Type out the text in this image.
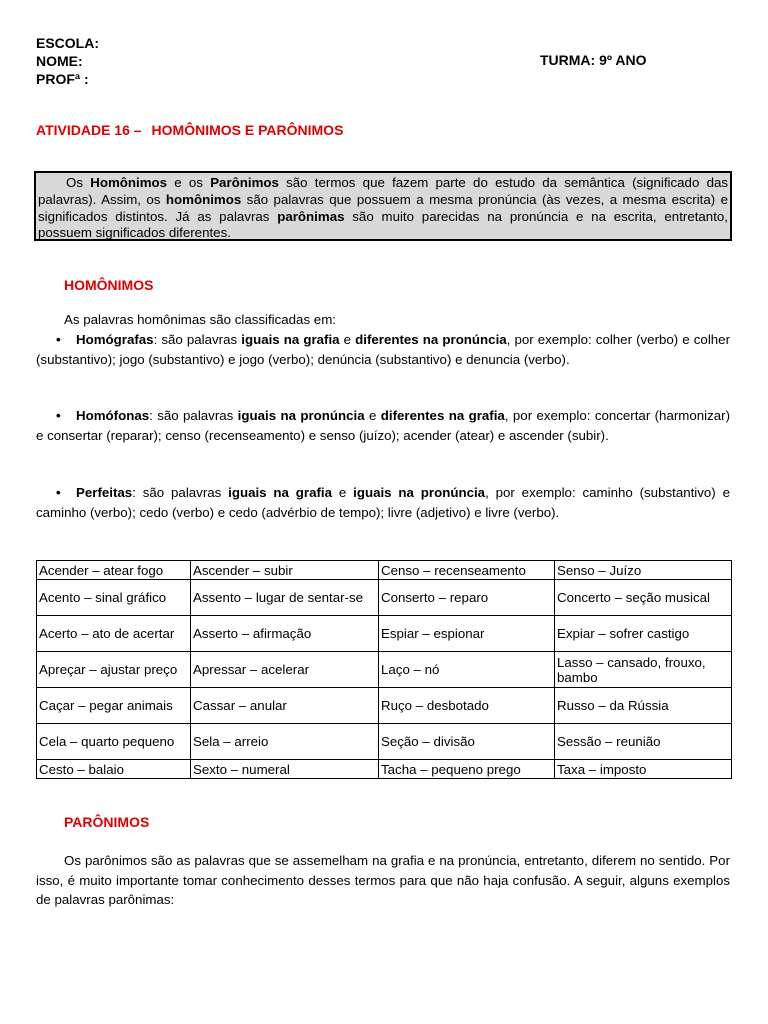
ESCOLA:
NOME:
PROFª :
TURMA: 9º ANO
ATIVIDADE 16 – HOMÔNIMOS E PARÔNIMOS

Os Homônimos e os Parônimos são termos que fazem parte do estudo da semântica (significado das palavras). Assim, os homônimos são palavras que possuem a mesma pronúncia (às vezes, a mesma escrita) e significados distintos. Já as palavras parônimas são muito parecidas na pronúncia e na escrita, entretanto, possuem significados diferentes.

HOMÔNIMOS
As palavras homônimas são classificadas em:
• Homógrafas: são palavras iguais na grafia e diferentes na pronúncia, por exemplo: colher (verbo) e colher (substantivo); jogo (substantivo) e jogo (verbo); denúncia (substantivo) e denuncia (verbo).
• Homófonas: são palavras iguais na pronúncia e diferentes na grafia, por exemplo: concertar (harmonizar) e consertar (reparar); censo (recenseamento) e senso (juízo); acender (atear) e ascender (subir).
• Perfeitas: são palavras iguais na grafia e iguais na pronúncia, por exemplo: caminho (substantivo) e caminho (verbo); cedo (verbo) e cedo (advérbio de tempo); livre (adjetivo) e livre (verbo).
Acender – atear fogo	Ascender – subir	Censo – recenseamento	Senso – Juízo
Acento – sinal gráfico	Assento – lugar de sentar-se	Conserto – reparo	Concerto – seção musical
Acerto – ato de acertar	Asserto – afirmação	Espiar – espionar	Expiar – sofrer castigo
Apreçar – ajustar preço	Apressar – acelerar	Laço – nó	Lasso – cansado, frouxo, bambo
Caçar – pegar animais	Cassar – anular	Ruço – desbotado	Russo – da Rússia
Cela – quarto pequeno	Sela – arreio	Seção – divisão	Sessão – reunião
Cesto – balaio	Sexto – numeral	Tacha – pequeno prego	Taxa – imposto
PARÔNIMOS
Os parônimos são as palavras que se assemelham na grafia e na pronúncia, entretanto, diferem no sentido. Por isso, é muito importante tomar conhecimento desses termos para que não haja confusão. A seguir, alguns exemplos de palavras parônimas:
